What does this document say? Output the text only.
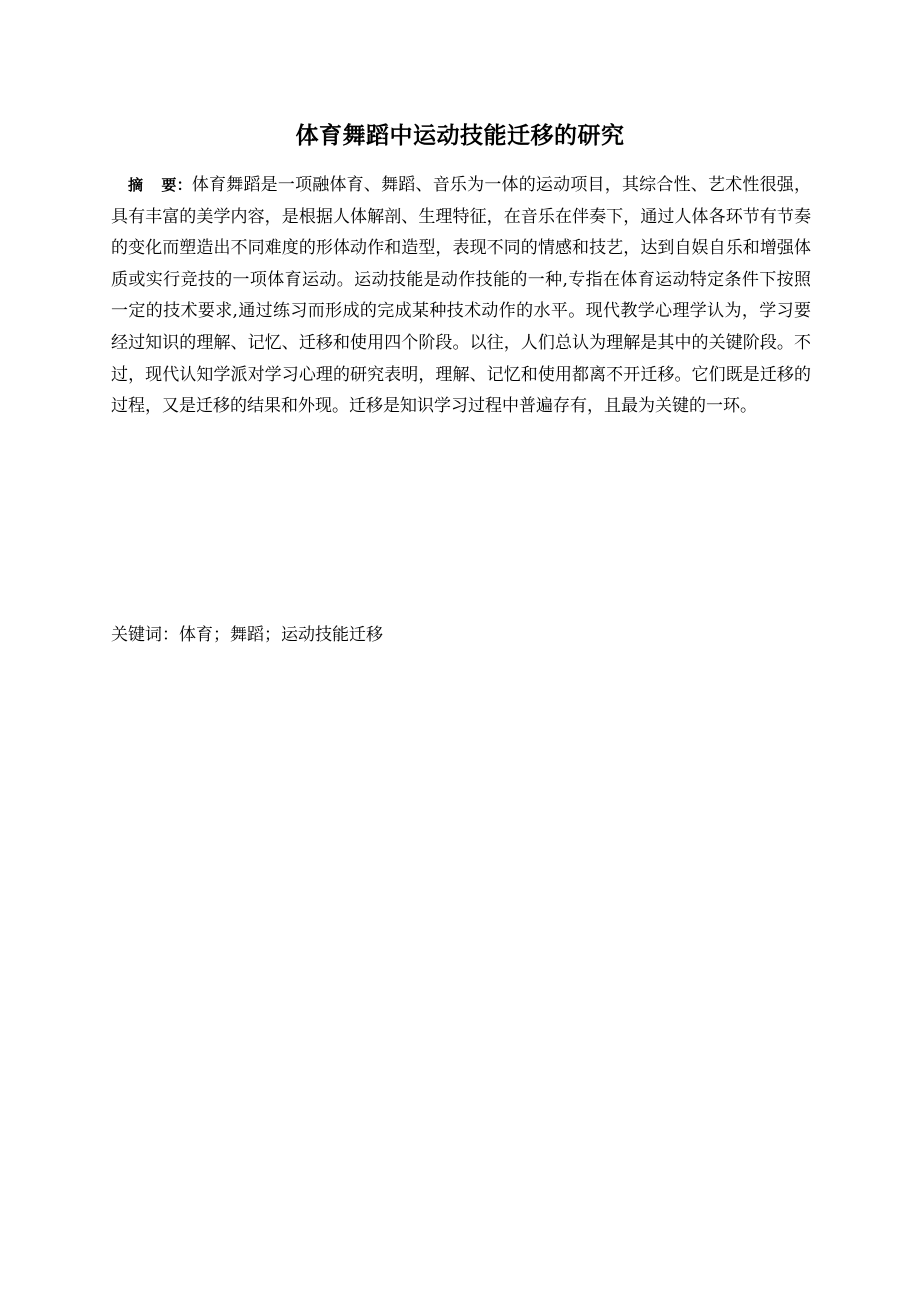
体育舞蹈中运动技能迁移的研究

摘 要：体育舞蹈是一项融体育、舞蹈、音乐为一体的运动项目，其综合性、艺术性很强，具有丰富的美学内容，是根据人体解剖、生理特征，在音乐在伴奏下，通过人体各环节有节奏的变化而塑造出不同难度的形体动作和造型，表现不同的情感和技艺，达到自娱自乐和增强体质或实行竞技的一项体育运动。运动技能是动作技能的一种,专指在体育运动特定条件下按照一定的技术要求,通过练习而形成的完成某种技术动作的水平。现代教学心理学认为，学习要经过知识的理解、记忆、迁移和使用四个阶段。以往，人们总认为理解是其中的关键阶段。不过，现代认知学派对学习心理的研究表明，理解、记忆和使用都离不开迁移。它们既是迁移的过程，又是迁移的结果和外现。迁移是知识学习过程中普遍存有，且最为关键的一环。

关键词：体育；舞蹈；运动技能迁移
